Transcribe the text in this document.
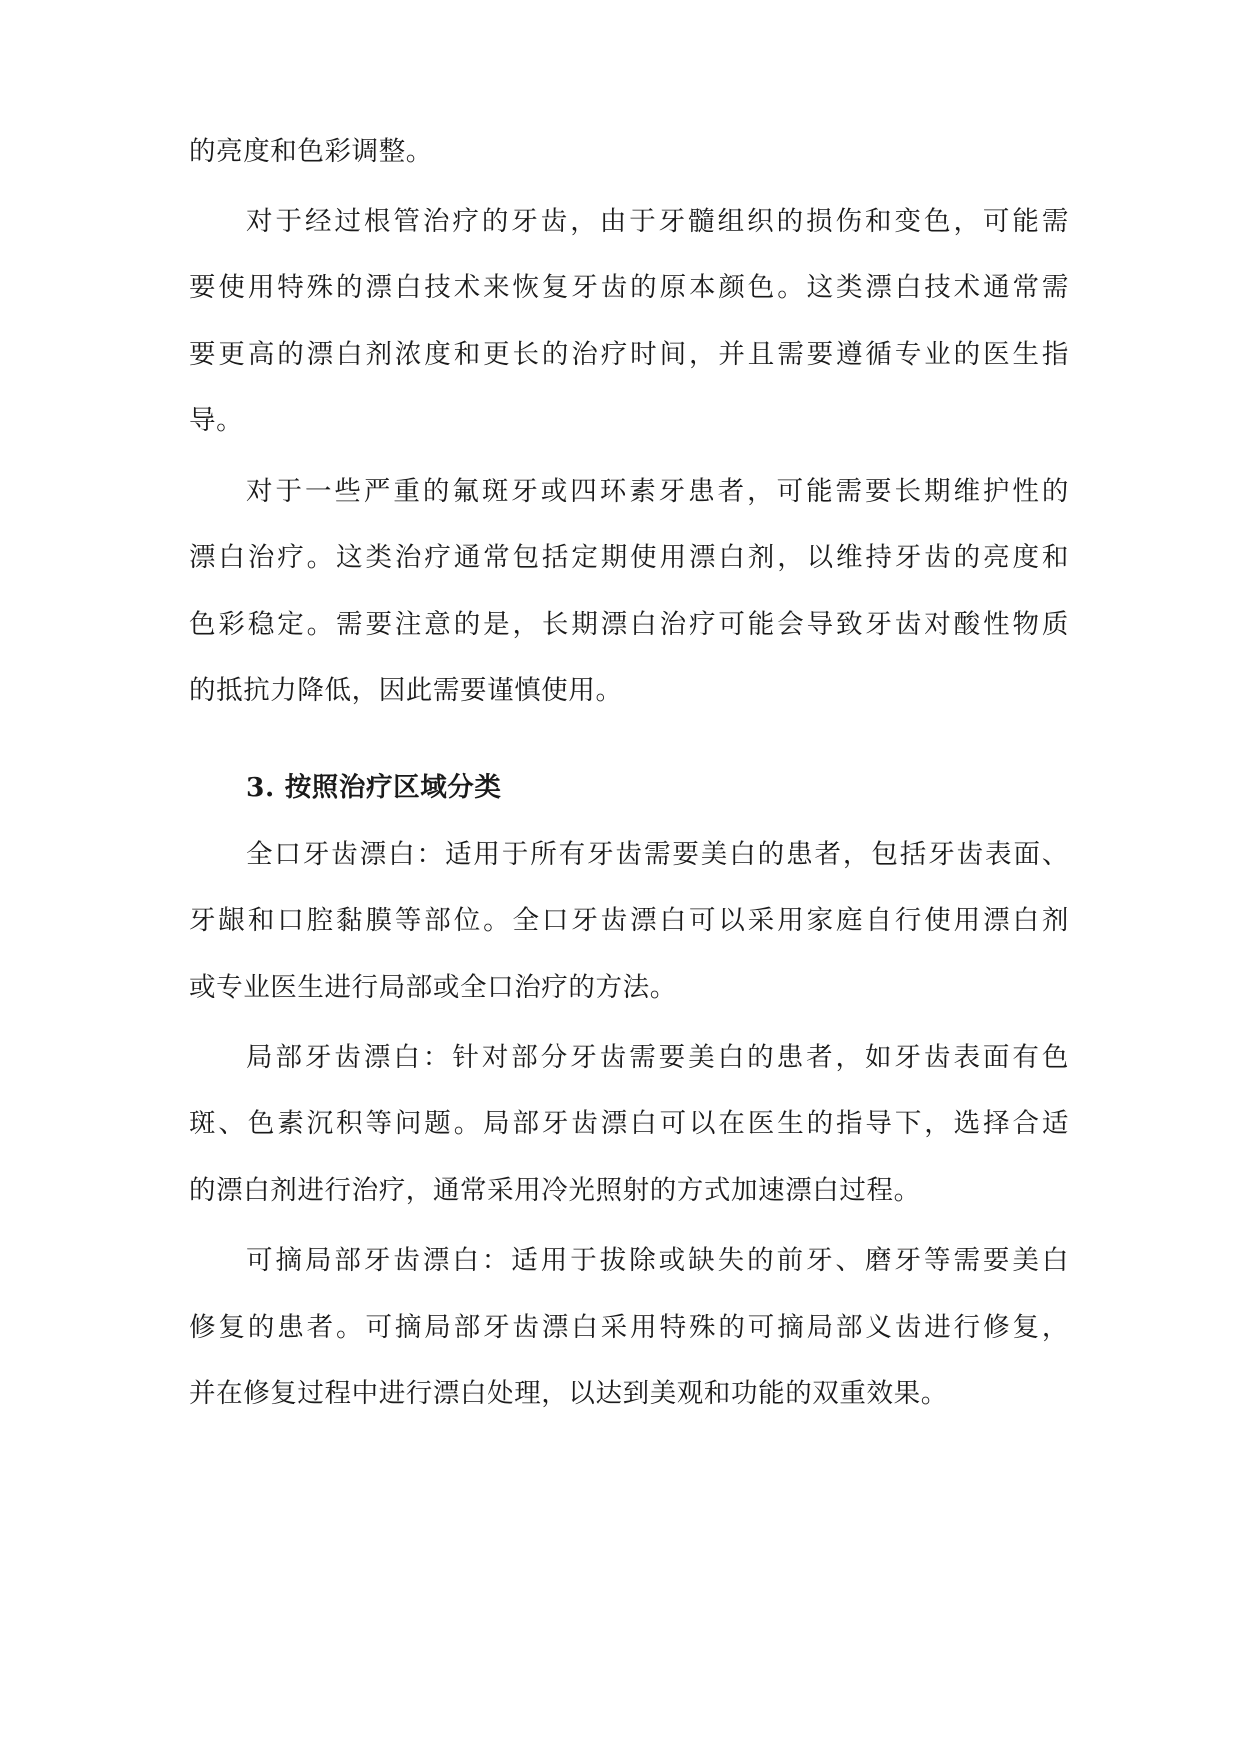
的亮度和色彩调整。
对于经过根管治疗的牙齿，由于牙髓组织的损伤和变色，可能需
要使用特殊的漂白技术来恢复牙齿的原本颜色。这类漂白技术通常需
要更高的漂白剂浓度和更长的治疗时间，并且需要遵循专业的医生指
导。
对于一些严重的氟斑牙或四环素牙患者，可能需要长期维护性的
漂白治疗。这类治疗通常包括定期使用漂白剂，以维持牙齿的亮度和
色彩稳定。需要注意的是，长期漂白治疗可能会导致牙齿对酸性物质
的抵抗力降低，因此需要谨慎使用。
3. 按照治疗区域分类
全口牙齿漂白：适用于所有牙齿需要美白的患者，包括牙齿表面、
牙龈和口腔黏膜等部位。全口牙齿漂白可以采用家庭自行使用漂白剂
或专业医生进行局部或全口治疗的方法。
局部牙齿漂白：针对部分牙齿需要美白的患者，如牙齿表面有色
斑、色素沉积等问题。局部牙齿漂白可以在医生的指导下，选择合适
的漂白剂进行治疗，通常采用冷光照射的方式加速漂白过程。
可摘局部牙齿漂白：适用于拔除或缺失的前牙、磨牙等需要美白
修复的患者。可摘局部牙齿漂白采用特殊的可摘局部义齿进行修复，
并在修复过程中进行漂白处理，以达到美观和功能的双重效果。
